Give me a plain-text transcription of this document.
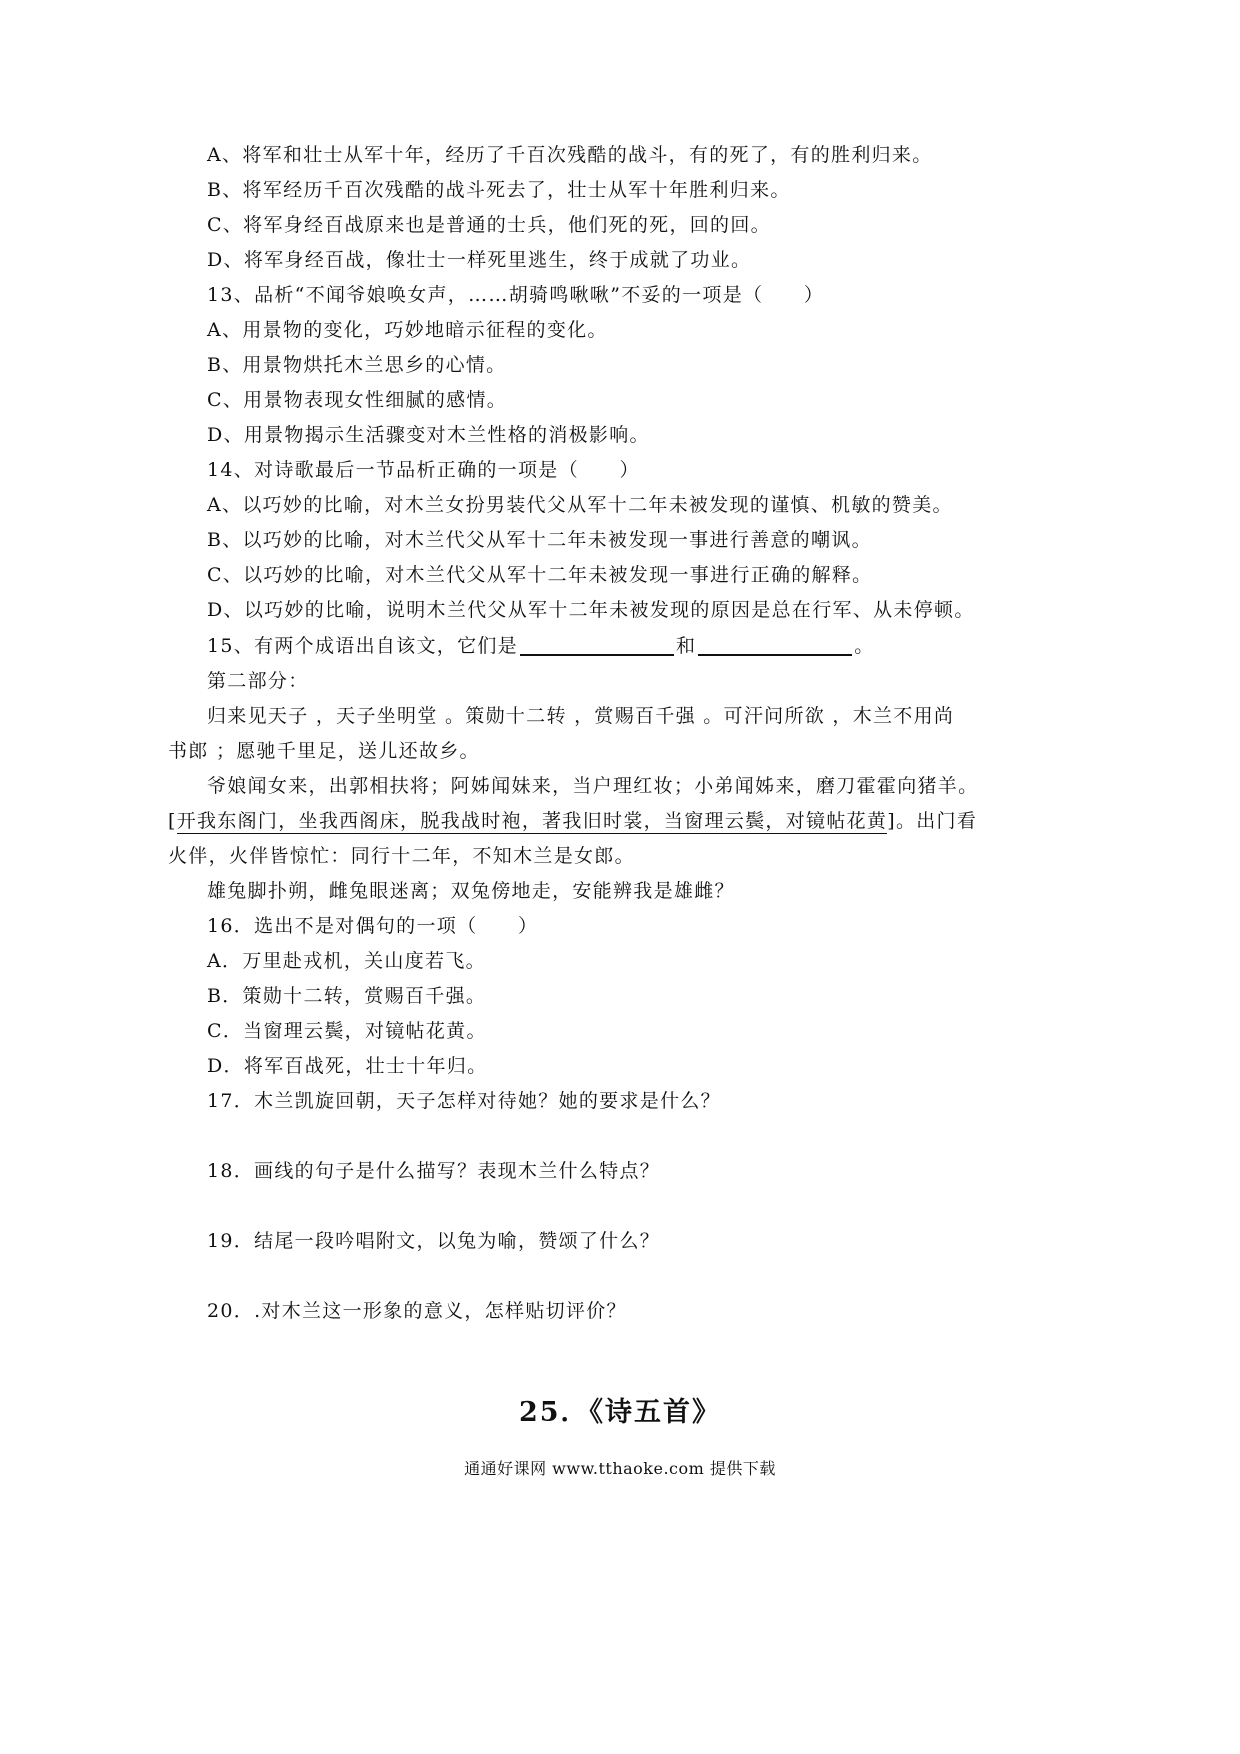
A、将军和壮士从军十年，经历了千百次残酷的战斗，有的死了，有的胜利归来。
B、将军经历千百次残酷的战斗死去了，壮士从军十年胜利归来。
C、将军身经百战原来也是普通的士兵，他们死的死，回的回。
D、将军身经百战，像壮士一样死里逃生，终于成就了功业。
13、品析“不闻爷娘唤女声，……胡骑鸣啾啾”不妥的一项是（　　）
A、用景物的变化，巧妙地暗示征程的变化。
B、用景物烘托木兰思乡的心情。
C、用景物表现女性细腻的感情。
D、用景物揭示生活骤变对木兰性格的消极影响。
14、对诗歌最后一节品析正确的一项是（　　）
A、以巧妙的比喻，对木兰女扮男装代父从军十二年未被发现的谨慎、机敏的赞美。
B、以巧妙的比喻，对木兰代父从军十二年未被发现一事进行善意的嘲讽。
C、以巧妙的比喻，对木兰代父从军十二年未被发现一事进行正确的解释。
D、以巧妙的比喻，说明木兰代父从军十二年未被发现的原因是总在行军、从未停顿。
15、有两个成语出自该文，它们是	和	。
第二部分：
归来见天子 ，天子坐明堂 。策勋十二转 ，赏赐百千强 。可汗问所欲 ，木兰不用尚
书郎 ；愿驰千里足，送儿还故乡。
爷娘闻女来，出郭相扶将；阿姊闻妹来，当户理红妆；小弟闻姊来，磨刀霍霍向猪羊。
[开我东阁门，坐我西阁床，脱我战时袍，著我旧时裳，当窗理云鬓，对镜帖花黄]。出门看
火伴，火伴皆惊忙：同行十二年，不知木兰是女郎。
雄兔脚扑朔，雌兔眼迷离；双兔傍地走，安能辨我是雄雌？
16．选出不是对偶句的一项（　　）
A．万里赴戎机，关山度若飞。
B．策勋十二转，赏赐百千强。
C．当窗理云鬓，对镜帖花黄。
D．将军百战死，壮士十年归。
17．木兰凯旋回朝，天子怎样对待她？她的要求是什么？
18．画线的句子是什么描写？表现木兰什么特点？
19．结尾一段吟唱附文，以兔为喻，赞颂了什么？
20．.对木兰这一形象的意义，怎样贴切评价？
25．《诗五首》
通通好课网 www.tthaoke.com 提供下载
